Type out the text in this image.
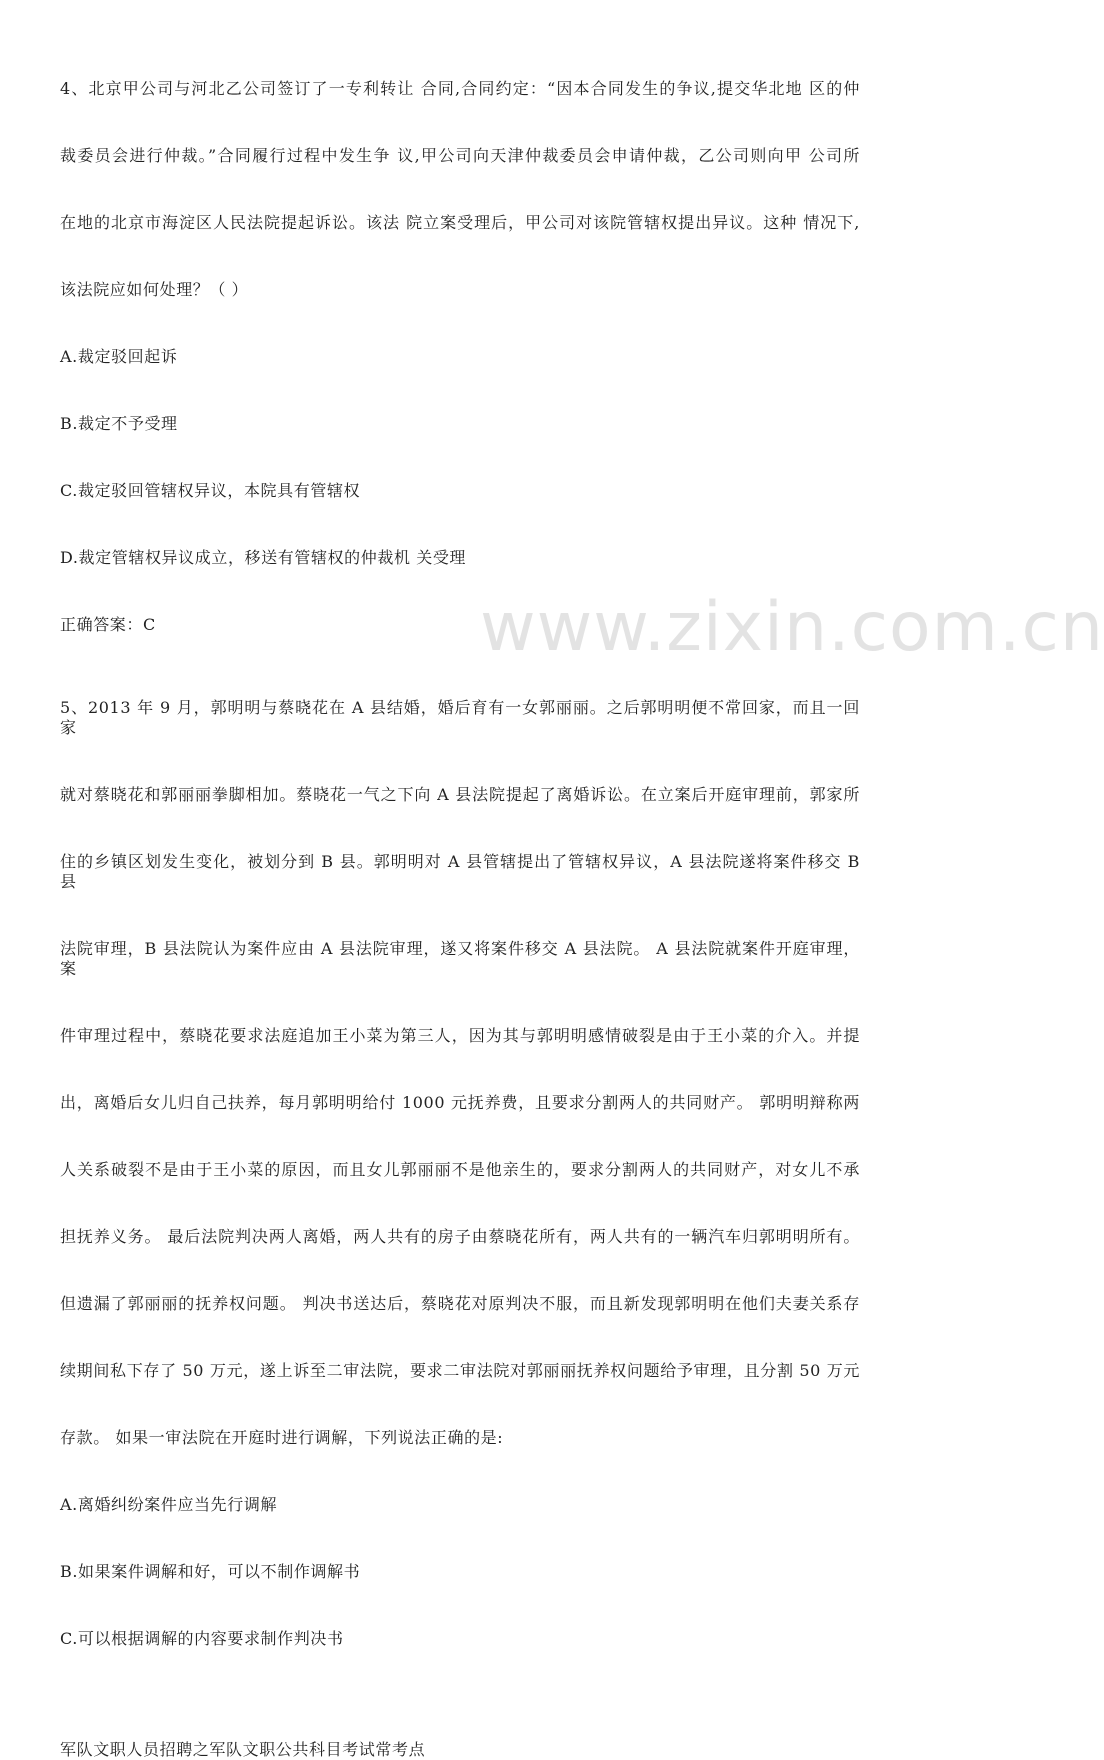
www.zixin.com.cn
4、北京甲公司与河北乙公司签订了一专利转让 合同,合同约定：“因本合同发生的争议,提交华北地 区的仲
裁委员会进行仲裁。”合同履行过程中发生争 议,甲公司向天津仲裁委员会申请仲裁，乙公司则向甲 公司所
在地的北京市海淀区人民法院提起诉讼。该法 院立案受理后，甲公司对该院管辖权提出异议。这种 情况下,
该法院应如何处理？（ ）
A.裁定驳回起诉
B.裁定不予受理
C.裁定驳回管辖权异议，本院具有管辖权
D.裁定管辖权异议成立，移送有管辖权的仲裁机 关受理
正确答案：C
5、2013 年 9 月，郭明明与蔡晓花在 A 县结婚，婚后育有一女郭丽丽。之后郭明明便不常回家，而且一回家
就对蔡晓花和郭丽丽拳脚相加。蔡晓花一气之下向 A 县法院提起了离婚诉讼。在立案后开庭审理前，郭家所
住的乡镇区划发生变化，被划分到 B 县。郭明明对 A 县管辖提出了管辖权异议，A 县法院遂将案件移交 B 县
法院审理，B 县法院认为案件应由 A 县法院审理，遂又将案件移交 A 县法院。 A 县法院就案件开庭审理，案
件审理过程中，蔡晓花要求法庭追加王小菜为第三人，因为其与郭明明感情破裂是由于王小菜的介入。并提
出，离婚后女儿归自己扶养，每月郭明明给付 1000 元抚养费，且要求分割两人的共同财产。 郭明明辩称两
人关系破裂不是由于王小菜的原因，而且女儿郭丽丽不是他亲生的，要求分割两人的共同财产，对女儿不承
担抚养义务。 最后法院判决两人离婚，两人共有的房子由蔡晓花所有，两人共有的一辆汽车归郭明明所有。
但遗漏了郭丽丽的抚养权问题。 判决书送达后，蔡晓花对原判决不服，而且新发现郭明明在他们夫妻关系存
续期间私下存了 50 万元，遂上诉至二审法院，要求二审法院对郭丽丽抚养权问题给予审理，且分割 50 万元
存款。 如果一审法院在开庭时进行调解，下列说法正确的是:
A.离婚纠纷案件应当先行调解
B.如果案件调解和好，可以不制作调解书
C.可以根据调解的内容要求制作判决书
军队文职人员招聘之军队文职公共科目考试常考点
